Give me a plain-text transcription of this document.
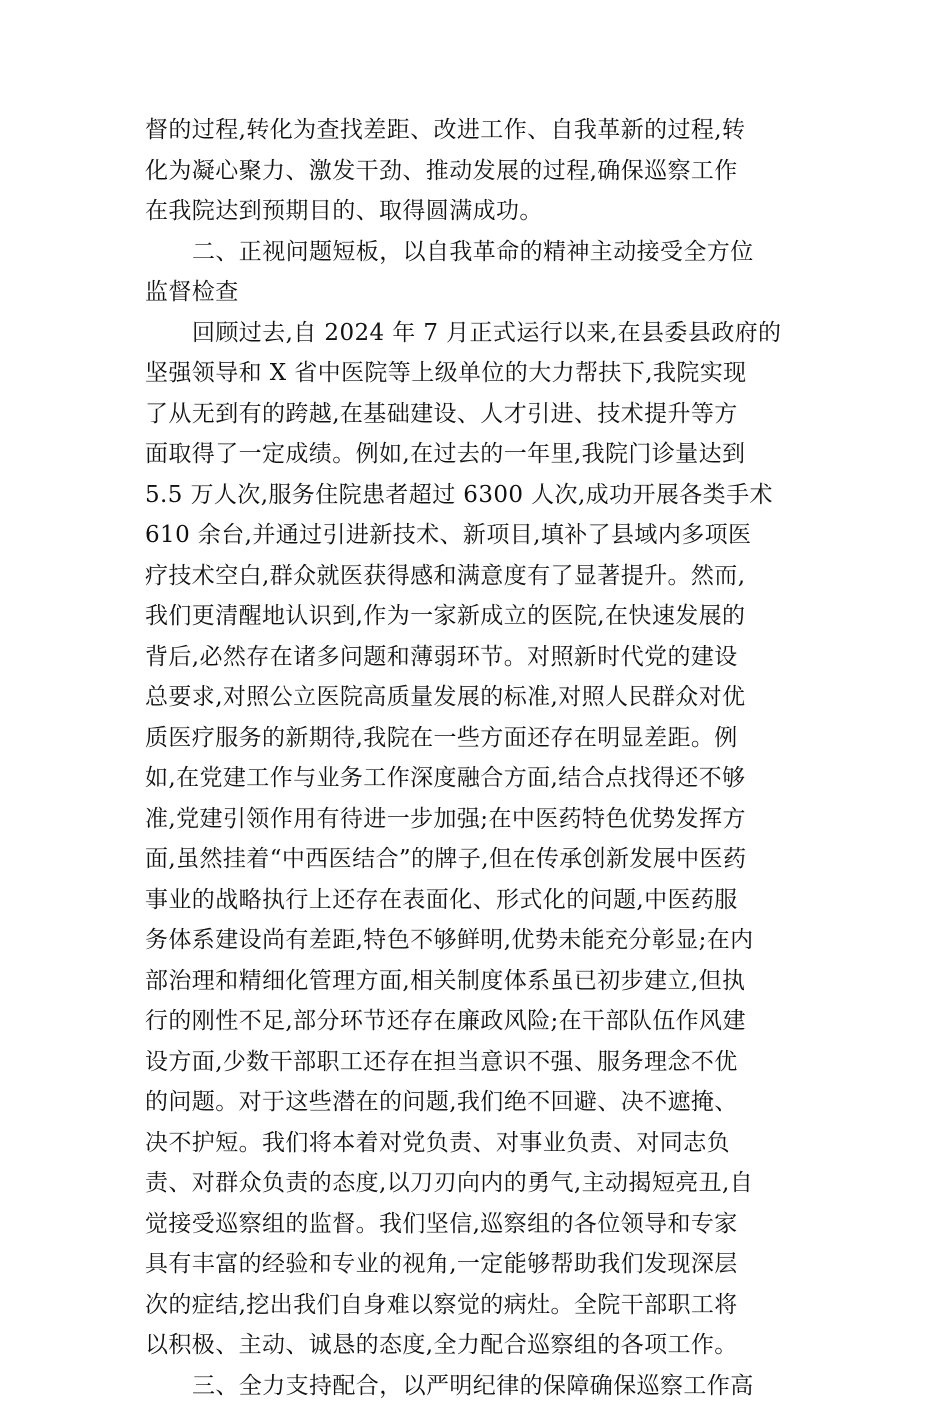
督的过程,转化为查找差距、改进工作、自我革新的过程,转
化为凝心聚力、激发干劲、推动发展的过程,确保巡察工作
在我院达到预期目的、取得圆满成功。
二、正视问题短板，以自我革命的精神主动接受全方位
监督检查
回顾过去,自 2024 年 7 月正式运行以来,在县委县政府的
坚强领导和 X 省中医院等上级单位的大力帮扶下,我院实现
了从无到有的跨越,在基础建设、人才引进、技术提升等方
面取得了一定成绩。例如,在过去的一年里,我院门诊量达到
5.5 万人次,服务住院患者超过 6300 人次,成功开展各类手术
610 余台,并通过引进新技术、新项目,填补了县域内多项医
疗技术空白,群众就医获得感和满意度有了显著提升。然而,
我们更清醒地认识到,作为一家新成立的医院,在快速发展的
背后,必然存在诸多问题和薄弱环节。对照新时代党的建设
总要求,对照公立医院高质量发展的标准,对照人民群众对优
质医疗服务的新期待,我院在一些方面还存在明显差距。例
如,在党建工作与业务工作深度融合方面,结合点找得还不够
准,党建引领作用有待进一步加强;在中医药特色优势发挥方
面,虽然挂着“中西医结合”的牌子,但在传承创新发展中医药
事业的战略执行上还存在表面化、形式化的问题,中医药服
务体系建设尚有差距,特色不够鲜明,优势未能充分彰显;在内
部治理和精细化管理方面,相关制度体系虽已初步建立,但执
行的刚性不足,部分环节还存在廉政风险;在干部队伍作风建
设方面,少数干部职工还存在担当意识不强、服务理念不优
的问题。对于这些潜在的问题,我们绝不回避、决不遮掩、
决不护短。我们将本着对党负责、对事业负责、对同志负
责、对群众负责的态度,以刀刃向内的勇气,主动揭短亮丑,自
觉接受巡察组的监督。我们坚信,巡察组的各位领导和专家
具有丰富的经验和专业的视角,一定能够帮助我们发现深层
次的症结,挖出我们自身难以察觉的病灶。全院干部职工将
以积极、主动、诚恳的态度,全力配合巡察组的各项工作。
三、全力支持配合，以严明纪律的保障确保巡察工作高
